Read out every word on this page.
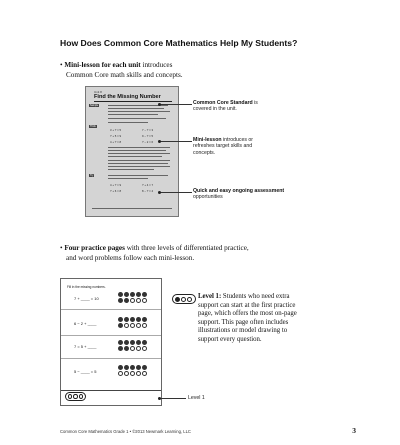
How Does Common Core Mathematics Help My Students?
• Mini-lesson for each unit introduces
Common Core math skills and concepts.
Unit 8
Find the Missing Number
Sample
Think
Try
3 + ? = 5	7 − ? = 3
? + 5 = 9	9 − ? = 5
4 + ? = 8	? − 2 = 6
4 + ? = 9	? + 4 = 7
? + 6 = 8	8 − ? = 4
Common Core Standard is covered in the unit.
Mini-lesson introduces or refreshes target skills and concepts.
Quick and easy ongoing assessment opportunities
• Four practice pages with three levels of differentiated practice,
and word problems follow each mini-lesson.
Fill in the missing numbers.
7 + ____ = 10
6 − 2 + ____
7 = 5 + ____
5 − ____ = 5
Level 1: Students who need extra support can start at the first practice page, which offers the most on-page support. This page often includes illustrations or model drawing to support every question.
Level 1
Common Core Mathematics Grade 1 • ©2013 Newmark Learning, LLC	3
